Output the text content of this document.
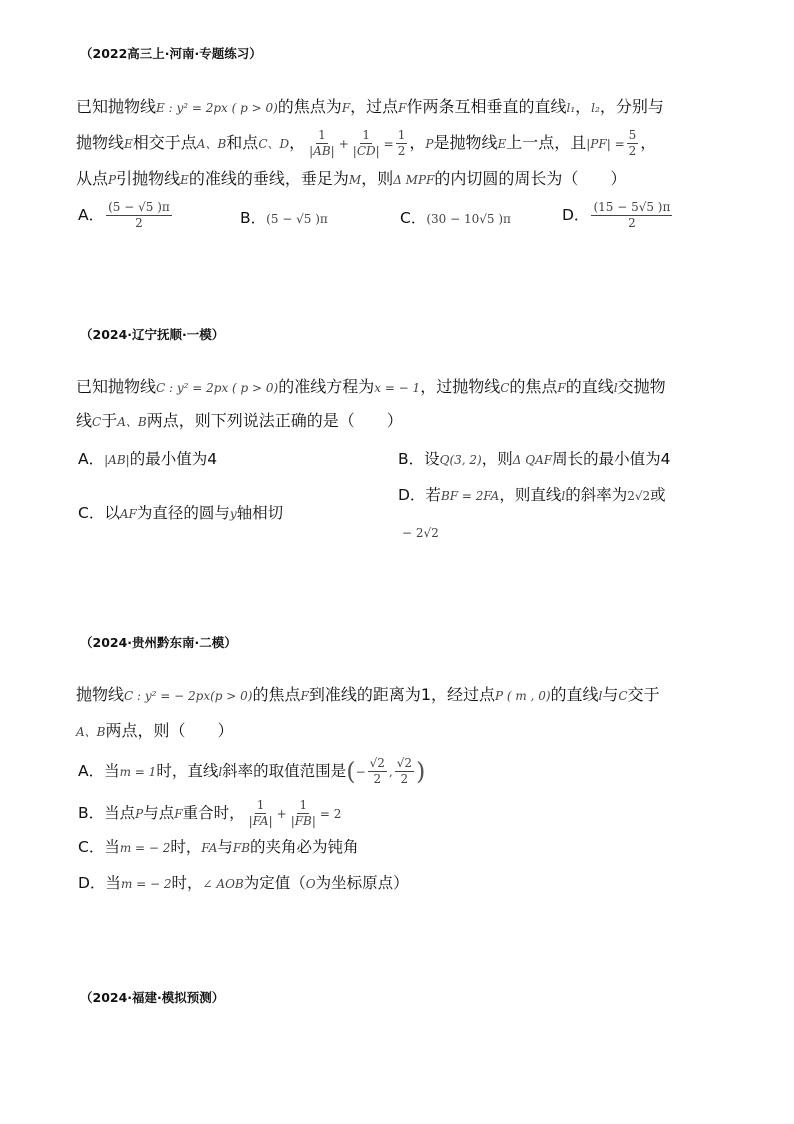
（2022高三上·河南·专题练习）
已知抛物线E : y² = 2px ( p > 0)的焦点为F，过点F作两条互相垂直的直线l₁，l₂，分别与
抛物线E相交于点A、B和点C、D， $\frac{1}{|AB|} + \frac{1}{|CD|} = \frac{1}{2}$ ，P是抛物线E上一点，且$|PF| = \frac{5}{2}$ ，
从点P引抛物线E的准线的垂线，垂足为M，则Δ MPF的内切圆的周长为（　　）
A． $\frac{(5 - √5 )\pi}{2}$	B．(5 − √5 )π	C．(30 − 10√5 )π	D． $\frac{(15 - 5√5 )\pi}{2}$
（2024·辽宁抚顺·一模）
已知抛物线C : y² = 2px ( p > 0)的准线方程为x = − 1，过抛物线C的焦点F的直线l交抛物
线C于A、B两点，则下列说法正确的是（　　）
A．|AB|的最小值为4	B．设Q(3, 2)，则Δ QAF周长的最小值为4
C．以AF为直径的圆与y轴相切
D．若BF = 2FA，则直线l的斜率为2√2或
− 2√2
（2024·贵州黔东南·二模）
抛物线C : y² = − 2px(p > 0)的焦点F到准线的距离为1，经过点P ( m , 0)的直线l与C交于
A、B两点，则（　　）
A．当m = 1时，直线l斜率的取值范围是(− $\frac{√2}{2}$ , $\frac{√2}{2}$ )
B．当点P与点F重合时， $\frac{1}{|FA|} + \frac{1}{|FB|} = 2$
C．当m = − 2时，FA与FB的夹角必为钝角
D．当m = − 2时，∠ AOB为定值（O为坐标原点）
（2024·福建·模拟预测）
